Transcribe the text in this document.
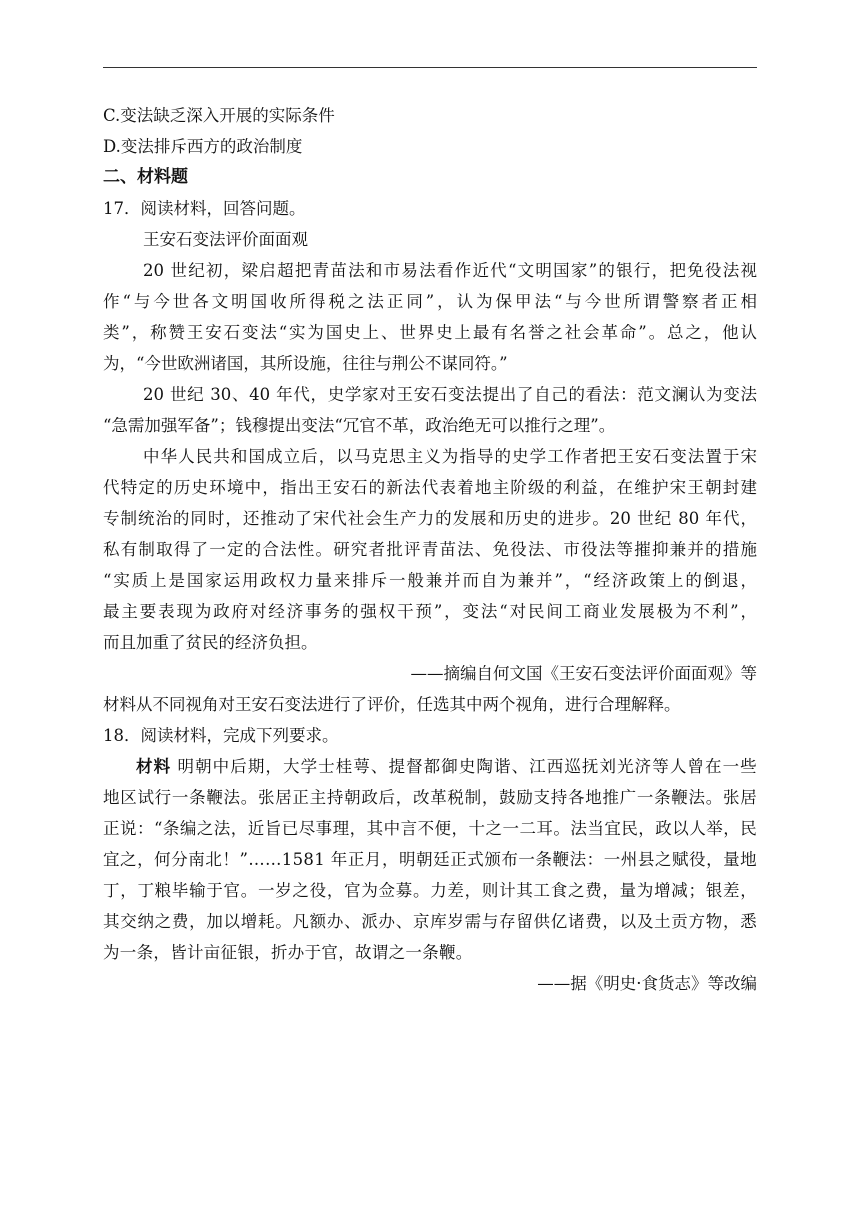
C.变法缺乏深入开展的实际条件
D.变法排斥西方的政治制度
二、材料题
17．阅读材料，回答问题。
王安石变法评价面面观
20 世纪初，梁启超把青苗法和市易法看作近代“文明国家”的银行，把免役法视
作“与今世各文明国收所得税之法正同”，认为保甲法“与今世所谓警察者正相
类”，称赞王安石变法“实为国史上、世界史上最有名誉之社会革命”。总之，他认
为，“今世欧洲诸国，其所设施，往往与荆公不谋同符。”
20 世纪 30、40 年代，史学家对王安石变法提出了自己的看法：范文澜认为变法
“急需加强军备”；钱穆提出变法“冗官不革，政治绝无可以推行之理”。
中华人民共和国成立后，以马克思主义为指导的史学工作者把王安石变法置于宋
代特定的历史环境中，指出王安石的新法代表着地主阶级的利益，在维护宋王朝封建
专制统治的同时，还推动了宋代社会生产力的发展和历史的进步。20 世纪 80 年代，
私有制取得了一定的合法性。研究者批评青苗法、免役法、市役法等摧抑兼并的措施
“实质上是国家运用政权力量来排斥一般兼并而自为兼并”，“经济政策上的倒退，
最主要表现为政府对经济事务的强权干预”，变法“对民间工商业发展极为不利”，
而且加重了贫民的经济负担。
——摘编自何文国《王安石变法评价面面观》等
材料从不同视角对王安石变法进行了评价，任选其中两个视角，进行合理解释。
18．阅读材料，完成下列要求。
材料 明朝中后期，大学士桂萼、提督都御史陶谐、江西巡抚刘光济等人曾在一些
地区试行一条鞭法。张居正主持朝政后，改革税制，鼓励支持各地推广一条鞭法。张居
正说：“条编之法，近旨已尽事理，其中言不便，十之一二耳。法当宜民，政以人举，民
宜之，何分南北！”……1581 年正月，明朝廷正式颁布一条鞭法：一州县之赋役，量地
丁，丁粮毕输于官。一岁之役，官为佥募。力差，则计其工食之费，量为增减；银差，
其交纳之费，加以增耗。凡额办、派办、京库岁需与存留供亿诸费，以及土贡方物，悉
为一条，皆计亩征银，折办于官，故谓之一条鞭。
——据《明史·食货志》等改编
